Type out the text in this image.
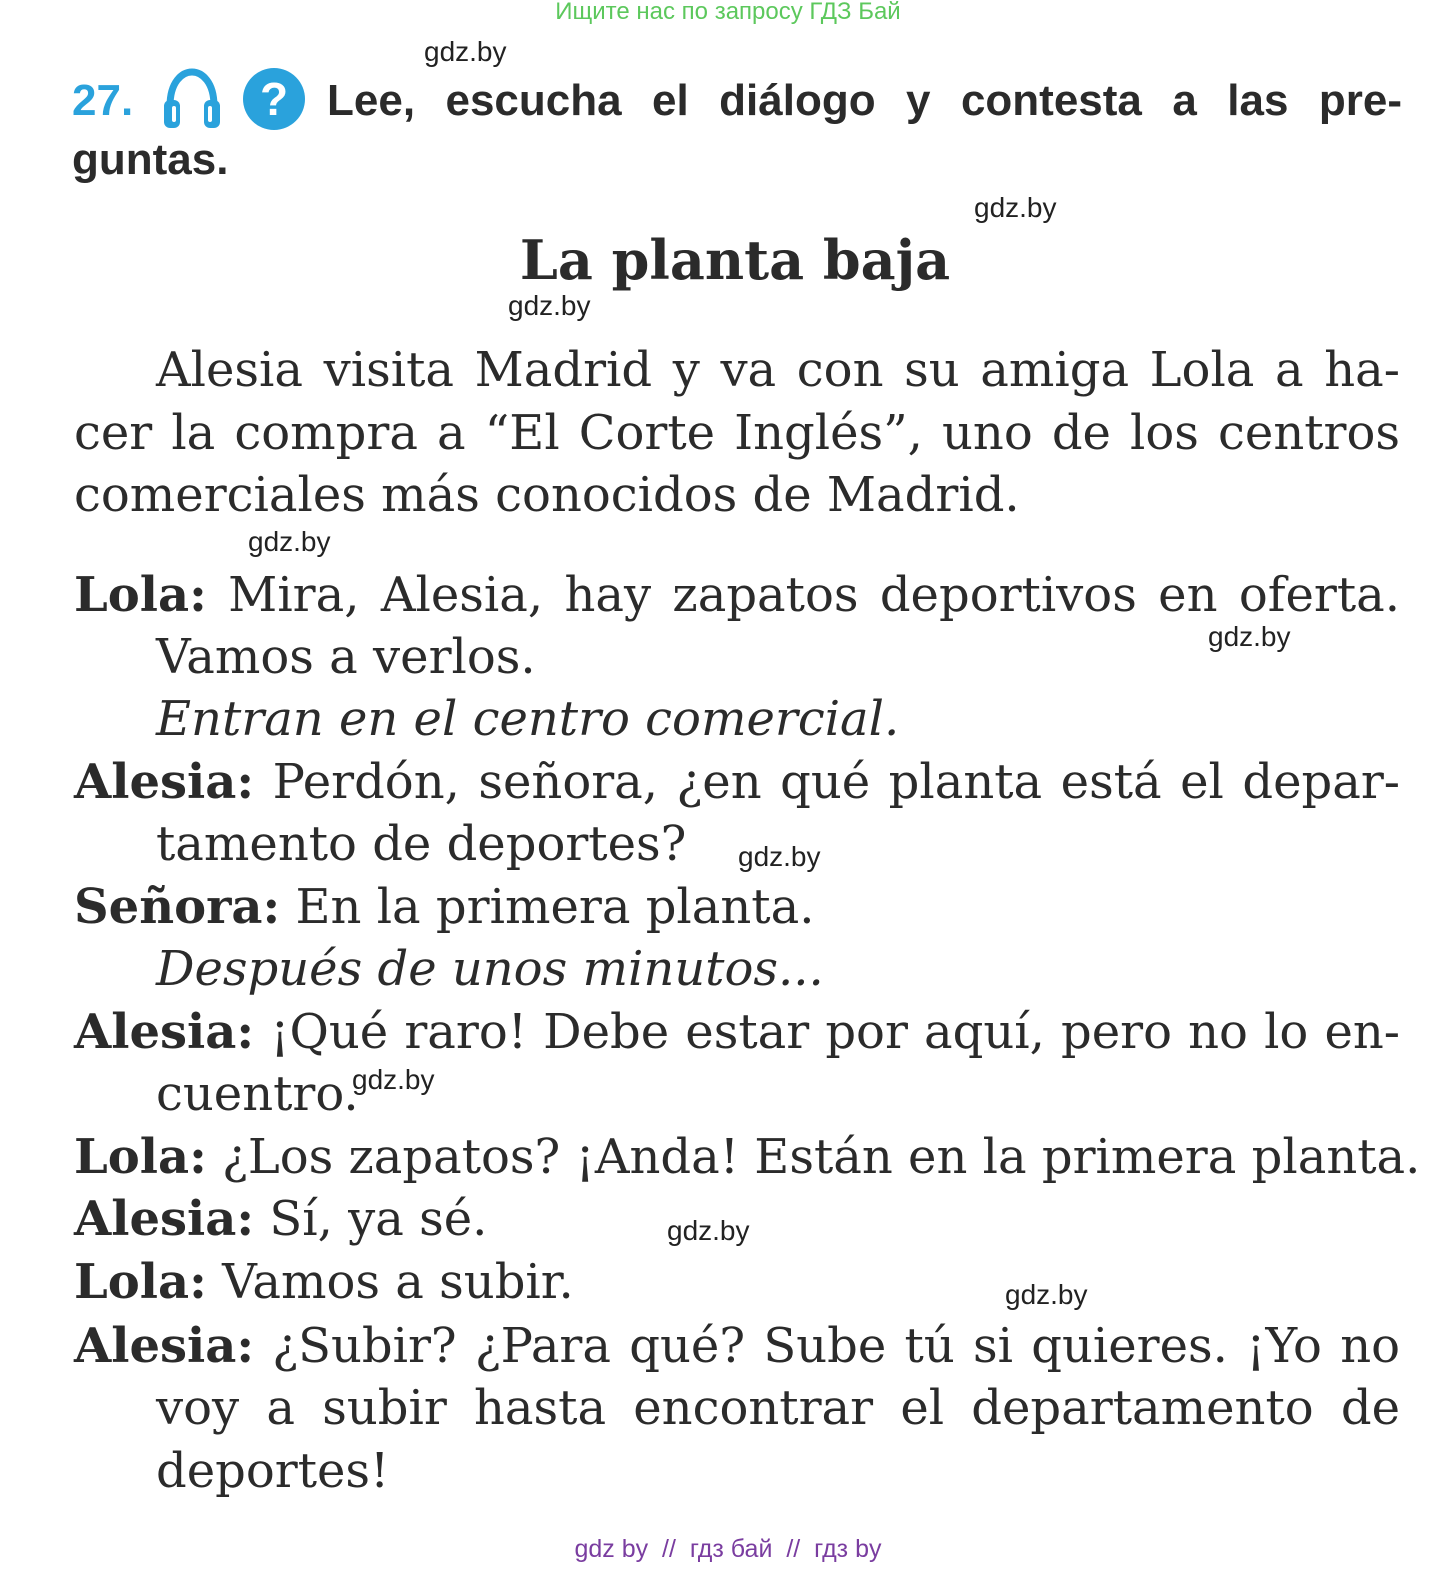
Ищите нас по запросу ГДЗ Бай
gdz.by
gdz.by
gdz.by
gdz.by
gdz.by
gdz.by
gdz.by
gdz.by
gdz.by
27.	? Lee, escucha el diálogo y contesta a las pre-
guntas.
La planta baja
Alesia visita Madrid y va con su amiga Lola a ha-
cer la compra a “El Corte Inglés”, uno de los centros
comerciales más conocidos de Madrid.
Lola: Mira, Alesia, hay zapatos deportivos en oferta.
Vamos a verlos.
Entran en el centro comercial.
Alesia: Perdón, señora, ¿en qué planta está el depar-
tamento de deportes?
Señora: En la primera planta.
Después de unos minutos...
Alesia: ¡Qué raro! Debe estar por aquí, pero no lo en-
cuentro.
Lola: ¿Los zapatos? ¡Anda! Están en la primera planta.
Alesia: Sí, ya sé.
Lola: Vamos a subir.
Alesia: ¿Subir? ¿Para qué? Sube tú si quieres. ¡Yo no
voy a subir hasta encontrar el departamento de
deportes!
gdz by  //  гдз бай  //  гдз by
